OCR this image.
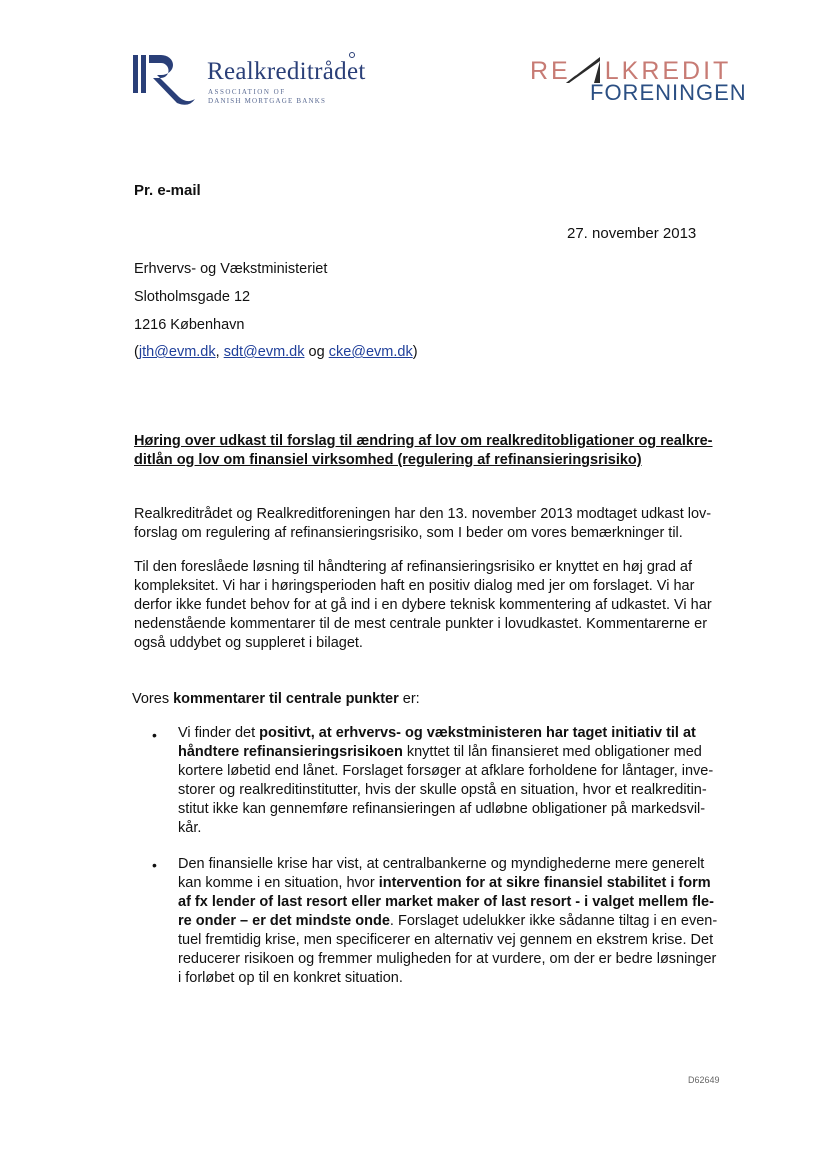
Realkreditrådet
ASSOCIATION OF
DANISH MORTGAGE BANKS
RE LKREDIT
FORENINGEN
Pr. e-mail
27. november 2013
Erhvervs- og Vækstministeriet
Slotholmsgade 12
1216 København
(jth@evm.dk, sdt@evm.dk og cke@evm.dk)
Høring over udkast til forslag til ændring af lov om realkreditobligationer og realkre-
ditlån og lov om finansiel virksomhed (regulering af refinansieringsrisiko)
Realkreditrådet og Realkreditforeningen har den 13. november 2013 modtaget udkast lov-
forslag om regulering af refinansieringsrisiko, som I beder om vores bemærkninger til.
Til den foreslåede løsning til håndtering af refinansieringsrisiko er knyttet en høj grad af
kompleksitet. Vi har i høringsperioden haft en positiv dialog med jer om forslaget. Vi har
derfor ikke fundet behov for at gå ind i en dybere teknisk kommentering af udkastet. Vi har
nedenstående kommentarer til de mest centrale punkter i lovudkastet. Kommentarerne er
også uddybet og suppleret i bilaget.
Vores kommentarer til centrale punkter er:
• Vi finder det positivt, at erhvervs- og vækstministeren har taget initiativ til at
håndtere refinansieringsrisikoen knyttet til lån finansieret med obligationer med
kortere løbetid end lånet. Forslaget forsøger at afklare forholdene for låntager, inve-
storer og realkreditinstitutter, hvis der skulle opstå en situation, hvor et realkreditin-
stitut ikke kan gennemføre refinansieringen af udløbne obligationer på markedsvil-
kår.
• Den finansielle krise har vist, at centralbankerne og myndighederne mere generelt
kan komme i en situation, hvor intervention for at sikre finansiel stabilitet i form
af fx lender of last resort eller market maker of last resort - i valget mellem fle-
re onder – er det mindste onde. Forslaget udelukker ikke sådanne tiltag i en even-
tuel fremtidig krise, men specificerer en alternativ vej gennem en ekstrem krise. Det
reducerer risikoen og fremmer muligheden for at vurdere, om der er bedre løsninger
i forløbet op til en konkret situation.
D62649
